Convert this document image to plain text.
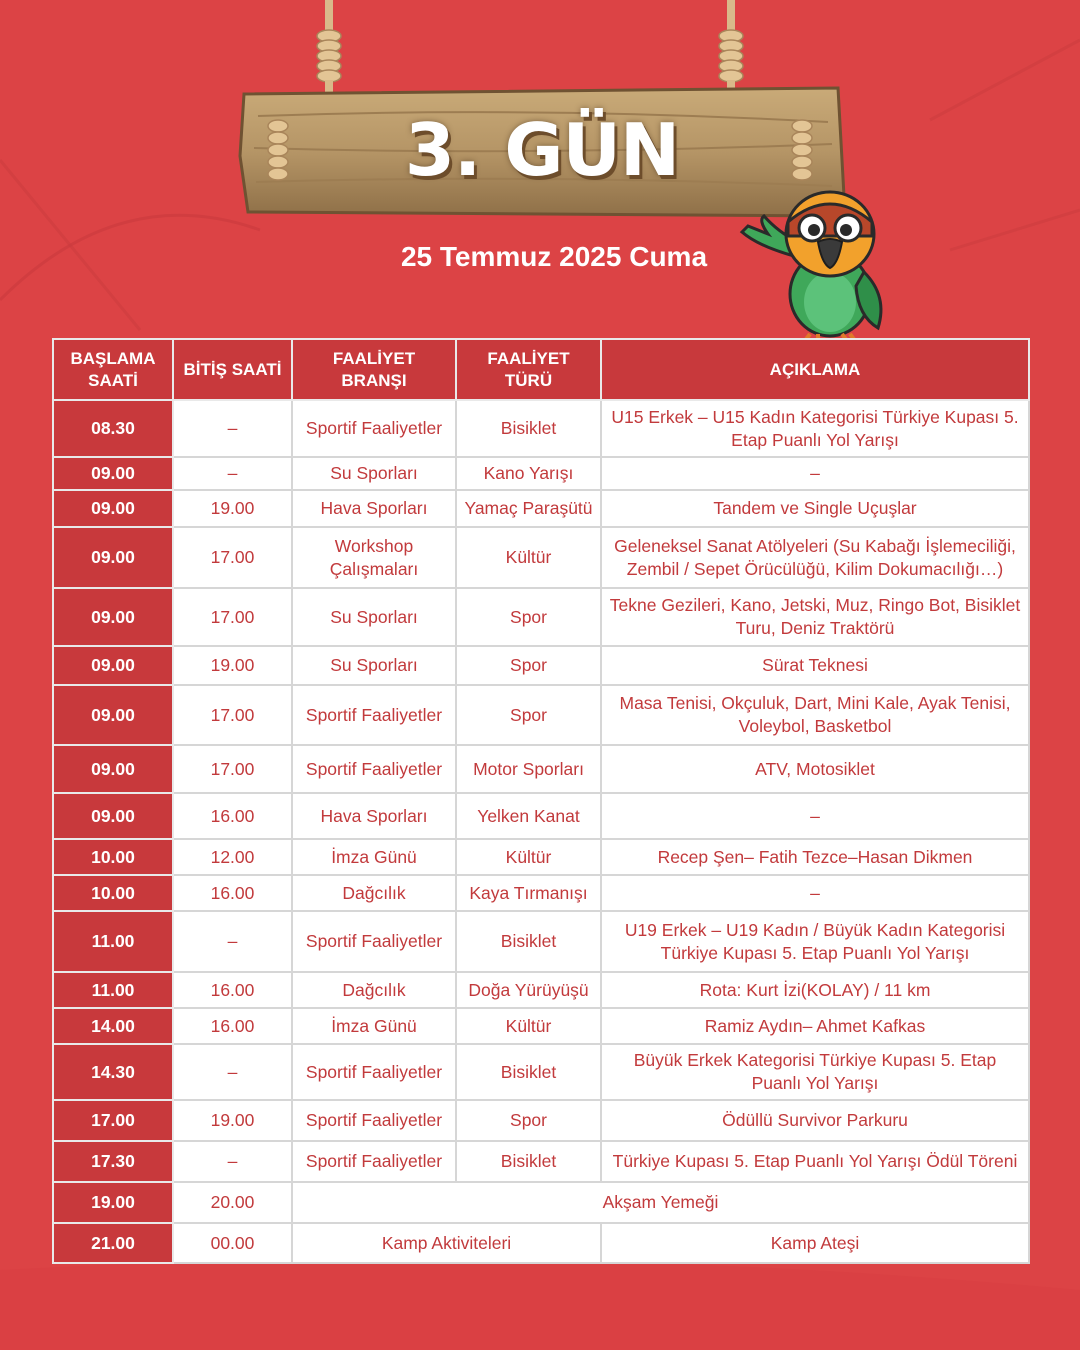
3. GÜN
25 Temmuz 2025 Cuma
BAŞLAMA SAATİ	BİTİŞ SAATİ	FAALİYET BRANŞI	FAALİYET TÜRÜ	AÇIKLAMA
08.30	–	Sportif Faaliyetler	Bisiklet	U15 Erkek – U15 Kadın Kategorisi Türkiye Kupası 5. Etap Puanlı Yol Yarışı
09.00	–	Su Sporları	Kano Yarışı	–
09.00	19.00	Hava Sporları	Yamaç Paraşütü	Tandem ve Single Uçuşlar
09.00	17.00	Workshop Çalışmaları	Kültür	Geleneksel Sanat Atölyeleri (Su Kabağı İşlemeciliği, Zembil / Sepet Örücülüğü, Kilim Dokumacılığı…)
09.00	17.00	Su Sporları	Spor	Tekne Gezileri, Kano, Jetski, Muz, Ringo Bot, Bisiklet Turu, Deniz Traktörü
09.00	19.00	Su Sporları	Spor	Sürat Teknesi
09.00	17.00	Sportif Faaliyetler	Spor	Masa Tenisi, Okçuluk, Dart, Mini Kale, Ayak Tenisi, Voleybol, Basketbol
09.00	17.00	Sportif Faaliyetler	Motor Sporları	ATV, Motosiklet
09.00	16.00	Hava Sporları	Yelken Kanat	–
10.00	12.00	İmza Günü	Kültür	Recep Şen– Fatih Tezcе–Hasan Dikmen
10.00	16.00	Dağcılık	Kaya Tırmanışı	–
11.00	–	Sportif Faaliyetler	Bisiklet	U19 Erkek – U19 Kadın / Büyük Kadın Kategorisi Türkiye Kupası 5. Etap Puanlı Yol Yarışı
11.00	16.00	Dağcılık	Doğa Yürüyüşü	Rota: Kurt İzi(KOLAY) / 11 km
14.00	16.00	İmza Günü	Kültür	Ramiz Aydın– Ahmet Kafkas
14.30	–	Sportif Faaliyetler	Bisiklet	Büyük Erkek Kategorisi Türkiye Kupası 5. Etap Puanlı Yol Yarışı
17.00	19.00	Sportif Faaliyetler	Spor	Ödüllü Survivor Parkuru
17.30	–	Sportif Faaliyetler	Bisiklet	Türkiye Kupası 5. Etap Puanlı Yol Yarışı Ödül Töreni
19.00	20.00	Akşam Yemeği		
21.00	00.00	Kamp Aktiviteleri		Kamp Ateşi
